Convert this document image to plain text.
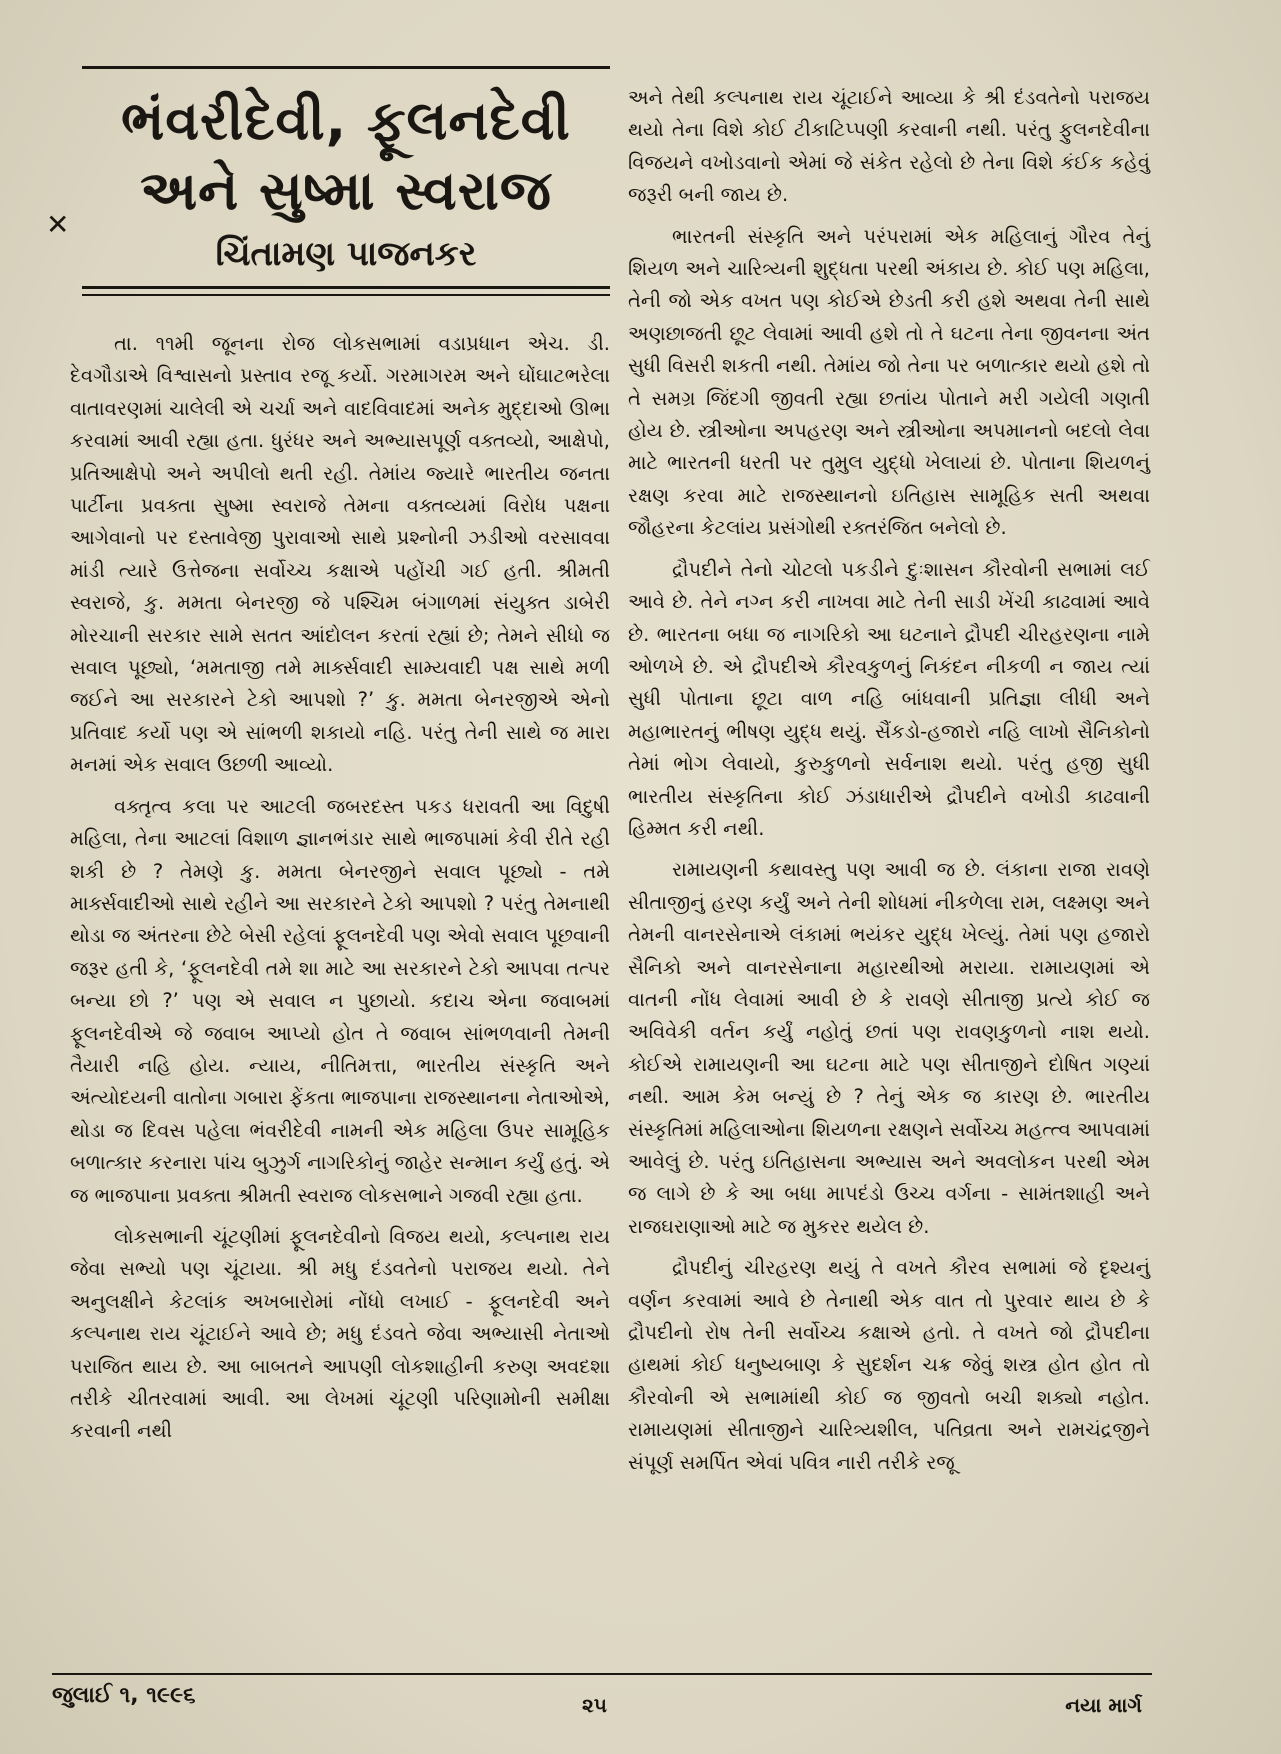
ભંવરીદેવી, ફૂલનદેવી
અને સુષ્મા સ્વરાજ
ચિંતામણ પાજનકર
✕

તા. ૧૧મી જૂનના રોજ લોકસભામાં વડાપ્રધાન એચ. ડી. દેવગૌડાએ વિશ્વાસનો પ્રસ્તાવ રજૂ કર્યો. ગરમાગરમ અને ઘોંઘાટભરેલા વાતાવરણમાં ચાલેલી એ ચર્ચા અને વાદવિવાદમાં અનેક મુદ્દાઓ ઊભા કરવામાં આવી રહ્યા હતા. ધુરંધર અને અભ્યાસપૂર્ણ વક્તવ્યો, આક્ષેપો, પ્રતિઆક્ષેપો અને અપીલો થતી રહી. તેમાંય જ્યારે ભારતીય જનતા પાર્ટીના પ્રવક્તા સુષ્મા સ્વરાજે તેમના વક્તવ્યમાં વિરોધ પક્ષના આગેવાનો પર દસ્તાવેજી પુરાવાઓ સાથે પ્રશ્નોની ઝડીઓ વરસાવવા માંડી ત્યારે ઉત્તેજના સર્વોચ્ચ કક્ષાએ પહોંચી ગઈ હતી. શ્રીમતી સ્વરાજે, કુ. મમતા બેનરજી જે પશ્ચિમ બંગાળમાં સંયુક્ત ડાબેરી મોરચાની સરકાર સામે સતત આંદોલન કરતાં રહ્યાં છે; તેમને સીધો જ સવાલ પૂછ્યો, ‘મમતાજી તમે માર્ક્સવાદી સામ્યવાદી પક્ષ સાથે મળી જઈને આ સરકારને ટેકો આપશો ?’ કુ. મમતા બેનરજીએ એનો પ્રતિવાદ કર્યો પણ એ સાંભળી શકાયો નહિ. પરંતુ તેની સાથે જ મારા મનમાં એક સવાલ ઉછળી આવ્યો.

વક્તૃત્વ કલા પર આટલી જબરદસ્ત પકડ ધરાવતી આ વિદુષી મહિલા, તેના આટલાં વિશાળ જ્ઞાનભંડાર સાથે ભાજપામાં કેવી રીતે રહી શકી છે ? તેમણે કુ. મમતા બેનરજીને સવાલ પૂછ્યો - તમે માર્ક્સવાદીઓ સાથે રહીને આ સરકારને ટેકો આપશો ? પરંતુ તેમનાથી થોડા જ અંતરના છેટે બેસી રહેલાં ફૂલનદેવી પણ એવો સવાલ પૂછવાની જરૂર હતી કે, ‘ફૂલનદેવી તમે શા માટે આ સરકારને ટેકો આપવા તત્પર બન્યા છો ?’ પણ એ સવાલ ન પુછાયો. કદાચ એના જવાબમાં ફૂલનદેવીએ જે જવાબ આપ્યો હોત તે જવાબ સાંભળવાની તેમની તૈયારી નહિ હોય. ન્યાય, નીતિમત્તા, ભારતીય સંસ્કૃતિ અને અંત્યોદયની વાતોના ગબારા ફેંકતા ભાજપાના રાજસ્થાનના નેતાઓએ, થોડા જ દિવસ પહેલા ભંવરીદેવી નામની એક મહિલા ઉપર સામૂહિક બળાત્કાર કરનારા પાંચ બુઝુર્ગ નાગરિકોનું જાહેર સન્માન કર્યું હતું. એ જ ભાજપાના પ્રવક્તા શ્રીમતી સ્વરાજ લોકસભાને ગજવી રહ્યા હતા.

લોકસભાની ચૂંટણીમાં ફૂલનદેવીનો વિજય થયો, કલ્પનાથ રાય જેવા સભ્યો પણ ચૂંટાયા. શ્રી મધુ દંડવતેનો પરાજય થયો. તેને અનુલક્ષીને કેટલાંક અખબારોમાં નોંધો લખાઈ - ફૂલનદેવી અને કલ્પનાથ રાય ચૂંટાઈને આવે છે; મધુ દંડવતે જેવા અભ્યાસી નેતાઓ પરાજિત થાય છે. આ બાબતને આપણી લોકશાહીની કરુણ અવદશા તરીકે ચીતરવામાં આવી. આ લેખમાં ચૂંટણી પરિણામોની સમીક્ષા કરવાની નથી

અને તેથી કલ્પનાથ રાય ચૂંટાઈને આવ્યા કે શ્રી દંડવતેનો પરાજય થયો તેના વિશે કોઈ ટીકાટિપ્પણી કરવાની નથી. પરંતુ ફુલનદેવીના વિજયને વખોડવાનો એમાં જે સંકેત રહેલો છે તેના વિશે કંઈક કહેવું જરૂરી બની જાય છે.

ભારતની સંસ્કૃતિ અને પરંપરામાં એક મહિલાનું ગૌરવ તેનું શિયળ અને ચારિત્ર્યની શુદ્ધતા પરથી અંકાય છે. કોઈ પણ મહિલા, તેની જો એક વખત પણ કોઈએ છેડતી કરી હશે અથવા તેની સાથે અણછાજતી છૂટ લેવામાં આવી હશે તો તે ઘટના તેના જીવનના અંત સુધી વિસરી શકતી નથી. તેમાંય જો તેના પર બળાત્કાર થયો હશે તો તે સમગ્ર જિંદગી જીવતી રહ્યા છતાંય પોતાને મરી ગયેલી ગણતી હોય છે. સ્ત્રીઓના અપહરણ અને સ્ત્રીઓના અપમાનનો બદલો લેવા માટે ભારતની ધરતી પર તુમુલ યુદ્ધો ખેલાયાં છે. પોતાના શિયળનું રક્ષણ કરવા માટે રાજસ્થાનનો ઇતિહાસ સામૂહિક સતી અથવા જૌહરના કેટલાંય પ્રસંગોથી રક્તરંજિત બનેલો છે.

દ્રૌપદીને તેનો ચોટલો પકડીને દુઃશાસન કૌરવોની સભામાં લઈ આવે છે. તેને નગ્ન કરી નાખવા માટે તેની સાડી ખેંચી કાઢવામાં આવે છે. ભારતના બધા જ નાગરિકો આ ઘટનાને દ્રૌપદી ચીરહરણના નામે ઓળખે છે. એ દ્રૌપદીએ કૌરવકુળનું નિકંદન નીકળી ન જાય ત્યાં સુધી પોતાના છૂટા વાળ નહિ બાંધવાની પ્રતિજ્ઞા લીધી અને મહાભારતનું ભીષણ યુદ્ધ થયું. સૈંકડો-હજારો નહિ લાખો સૈનિકોનો તેમાં ભોગ લેવાયો, કુરુકુળનો સર્વનાશ થયો. પરંતુ હજી સુધી ભારતીય સંસ્કૃતિના કોઈ ઝંડાધારીએ દ્રૌપદીને વખોડી કાઢવાની હિમ્મત કરી નથી.

રામાયણની કથાવસ્તુ પણ આવી જ છે. લંકાના રાજા રાવણે સીતાજીનું હરણ કર્યું અને તેની શોધમાં નીકળેલા રામ, લક્ષ્મણ અને તેમની વાનરસેનાએ લંકામાં ભયંકર યુદ્ધ ખેલ્યું. તેમાં પણ હજારો સૈનિકો અને વાનરસેનાના મહારથીઓ મરાયા. રામાયણમાં એ વાતની નોંધ લેવામાં આવી છે કે રાવણે સીતાજી પ્રત્યે કોઈ જ અવિવેકી વર્તન કર્યું નહોતું છતાં પણ રાવણકુળનો નાશ થયો. કોઈએ રામાયણની આ ઘટના માટે પણ સીતાજીને દોષિત ગણ્યાં નથી. આમ કેમ બન્યું છે ? તેનું એક જ કારણ છે. ભારતીય સંસ્કૃતિમાં મહિલાઓના શિયળના રક્ષણને સર્વોચ્ચ મહત્ત્વ આપવામાં આવેલું છે. પરંતુ ઇતિહાસના અભ્યાસ અને અવલોકન પરથી એમ જ લાગે છે કે આ બધા માપદંડો ઉચ્ચ વર્ગના - સામંતશાહી અને રાજઘરાણાઓ માટે જ મુકરર થયેલ છે.

દ્રૌપદીનું ચીરહરણ થયું તે વખતે કૌરવ સભામાં જે દૃશ્યનું વર્ણન કરવામાં આવે છે તેનાથી એક વાત તો પુરવાર થાય છે કે દ્રૌપદીનો રોષ તેની સર્વોચ્ચ કક્ષાએ હતો. તે વખતે જો દ્રૌપદીના હાથમાં કોઈ ધનુષ્યબાણ કે સુદર્શન ચક્ર જેવું શસ્ત્ર હોત હોત તો કૌરવોની એ સભામાંથી કોઈ જ જીવતો બચી શક્યો નહોત. રામાયણમાં સીતાજીને ચારિત્ર્યશીલ, પતિવ્રતા અને રામચંદ્રજીને સંપૂર્ણ સમર્પિત એવાં પવિત્ર નારી તરીકે રજૂ

જુલાઈ ૧, ૧૯૯૬	૨૫	નયા માર્ગ
